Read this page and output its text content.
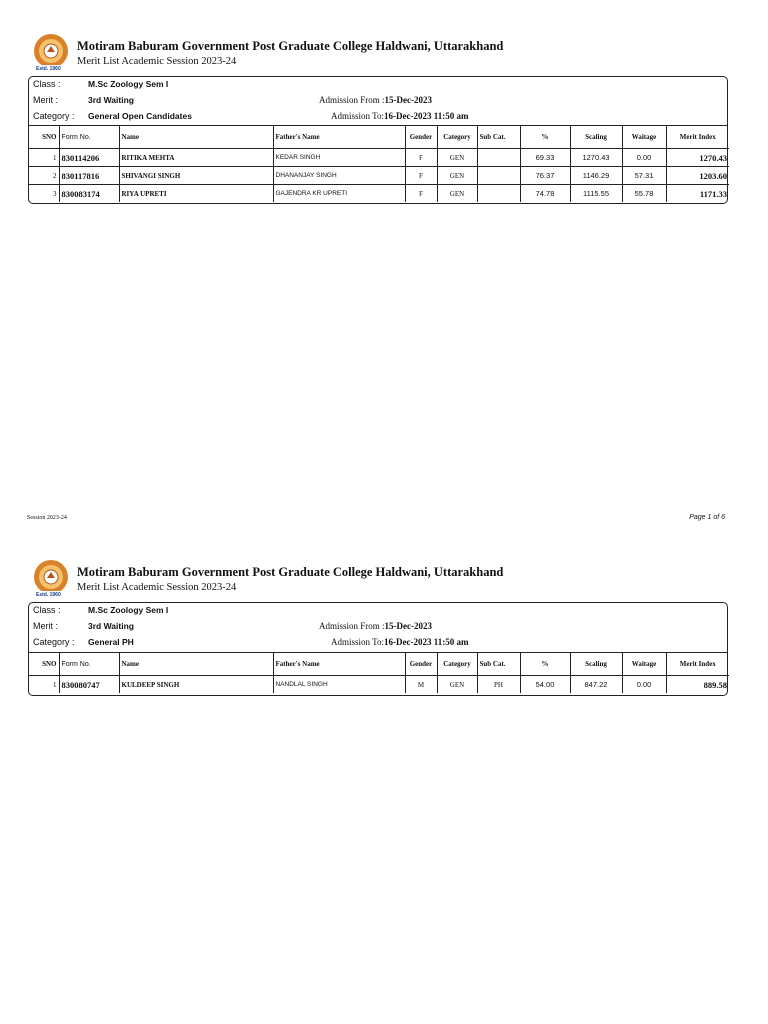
Estd. 1960
Motiram Baburam Government Post Graduate College Haldwani, Uttarakhand
Merit List Academic Session 2023-24
Class :	M.Sc Zoology Sem I
Merit :	3rd Waiting	Admission From :15-Dec-2023
Category : General Open Candidates	Admission To:16-Dec-2023 11:50 am
SNO	Form No.	Name	Father's Name	Gender	Category	Sub Cat.	%	Scaling	Waitage	Merit Index
1	830114206	RITIKA MEHTA	KEDAR SINGH	F	GEN		69.33	1270.43	0.00	1270.43
2	830117816	SHIVANGI SINGH	DHANANJAY SINGH	F	GEN		76.37	1146.29	57.31	1203.60
3	830083174	RIYA UPRETI	GAJENDRA KR UPRETI	F	GEN		74.78	1115.55	55.78	1171.33
Session 2023-24	Page 1 of 6
Estd. 1960
Motiram Baburam Government Post Graduate College Haldwani, Uttarakhand
Merit List Academic Session 2023-24
Class :	M.Sc Zoology Sem I
Merit :	3rd Waiting	Admission From :15-Dec-2023
Category : General PH	Admission To:16-Dec-2023 11:50 am
SNO	Form No.	Name	Father's Name	Gender	Category	Sub Cat.	%	Scaling	Waitage	Merit Index
1	830080747	KULDEEP SINGH	NANDLAL SINGH	M	GEN	PH	54.00	847.22	0.00	889.58
